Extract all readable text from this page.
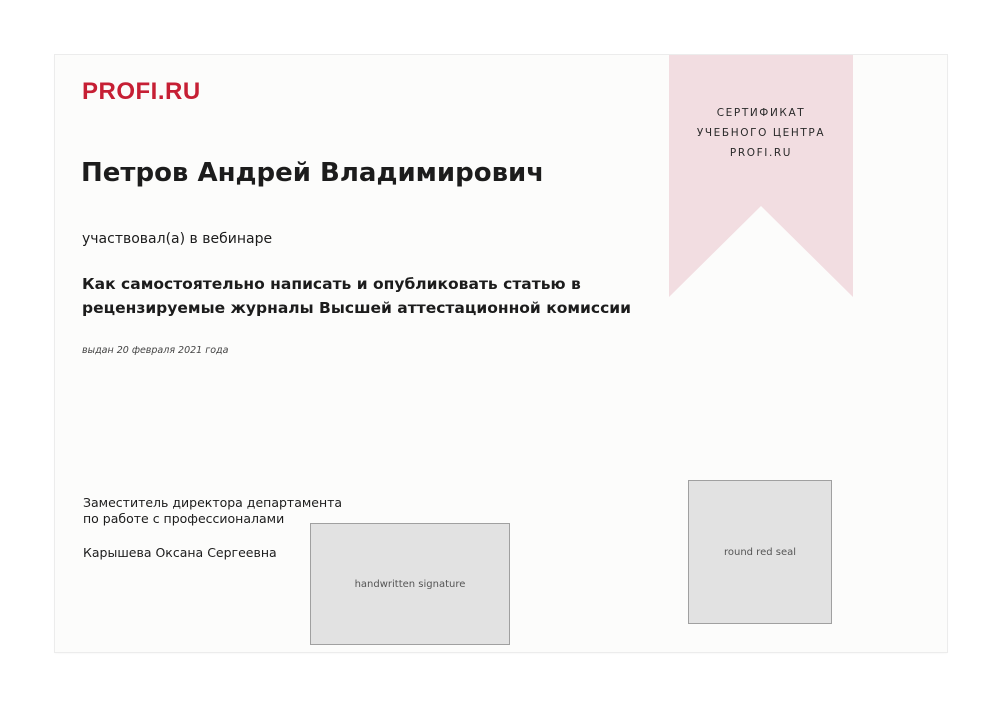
PROFI.RU
Петров Андрей Владимирович
участвовал(а) в вебинаре
Как самостоятельно написать и опубликовать статью в
рецензируемые журналы Высшей аттестационной комиссии
выдан 20 февраля 2021 года
Заместитель директора департамента
по работе с профессионалами
Карышева Оксана Сергеевна
handwritten signature
СЕРТИФИКАТ
УЧЕБНОГО ЦЕНТРА
PROFI.RU
round red seal
